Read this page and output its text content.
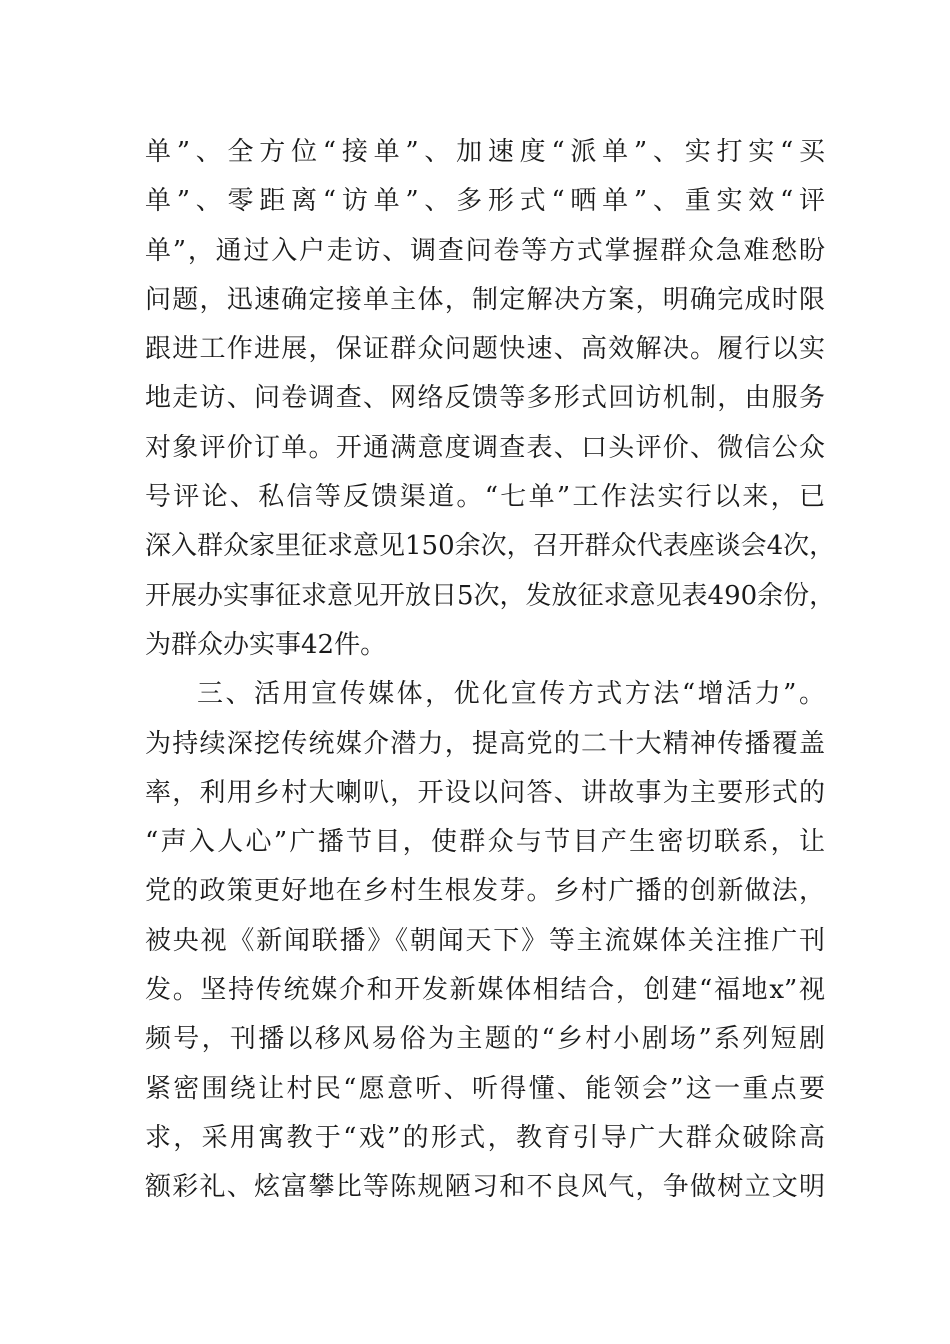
单”、全方位“接单”、加速度“派单”、实打实“买
单”、零距离“访单”、多形式“晒单”、重实效“评
单”，通过入户走访、调查问卷等方式掌握群众急难愁盼
问题，迅速确定接单主体，制定解决方案，明确完成时限
跟进工作进展，保证群众问题快速、高效解决。履行以实
地走访、问卷调查、网络反馈等多形式回访机制，由服务
对象评价订单。开通满意度调查表、口头评价、微信公众
号评论、私信等反馈渠道。“七单”工作法实行以来，已
深入群众家里征求意见150余次，召开群众代表座谈会4次，
开展办实事征求意见开放日5次，发放征求意见表490余份，
为群众办实事42件。
三、活用宣传媒体，优化宣传方式方法“增活力”。
为持续深挖传统媒介潜力，提高党的二十大精神传播覆盖
率，利用乡村大喇叭，开设以问答、讲故事为主要形式的
“声入人心”广播节目，使群众与节目产生密切联系，让
党的政策更好地在乡村生根发芽。乡村广播的创新做法，
被央视《新闻联播》《朝闻天下》等主流媒体关注推广刊
发。坚持传统媒介和开发新媒体相结合，创建“福地x”视
频号，刊播以移风易俗为主题的“乡村小剧场”系列短剧
紧密围绕让村民“愿意听、听得懂、能领会”这一重点要
求，采用寓教于“戏”的形式，教育引导广大群众破除高
额彩礼、炫富攀比等陈规陋习和不良风气，争做树立文明
